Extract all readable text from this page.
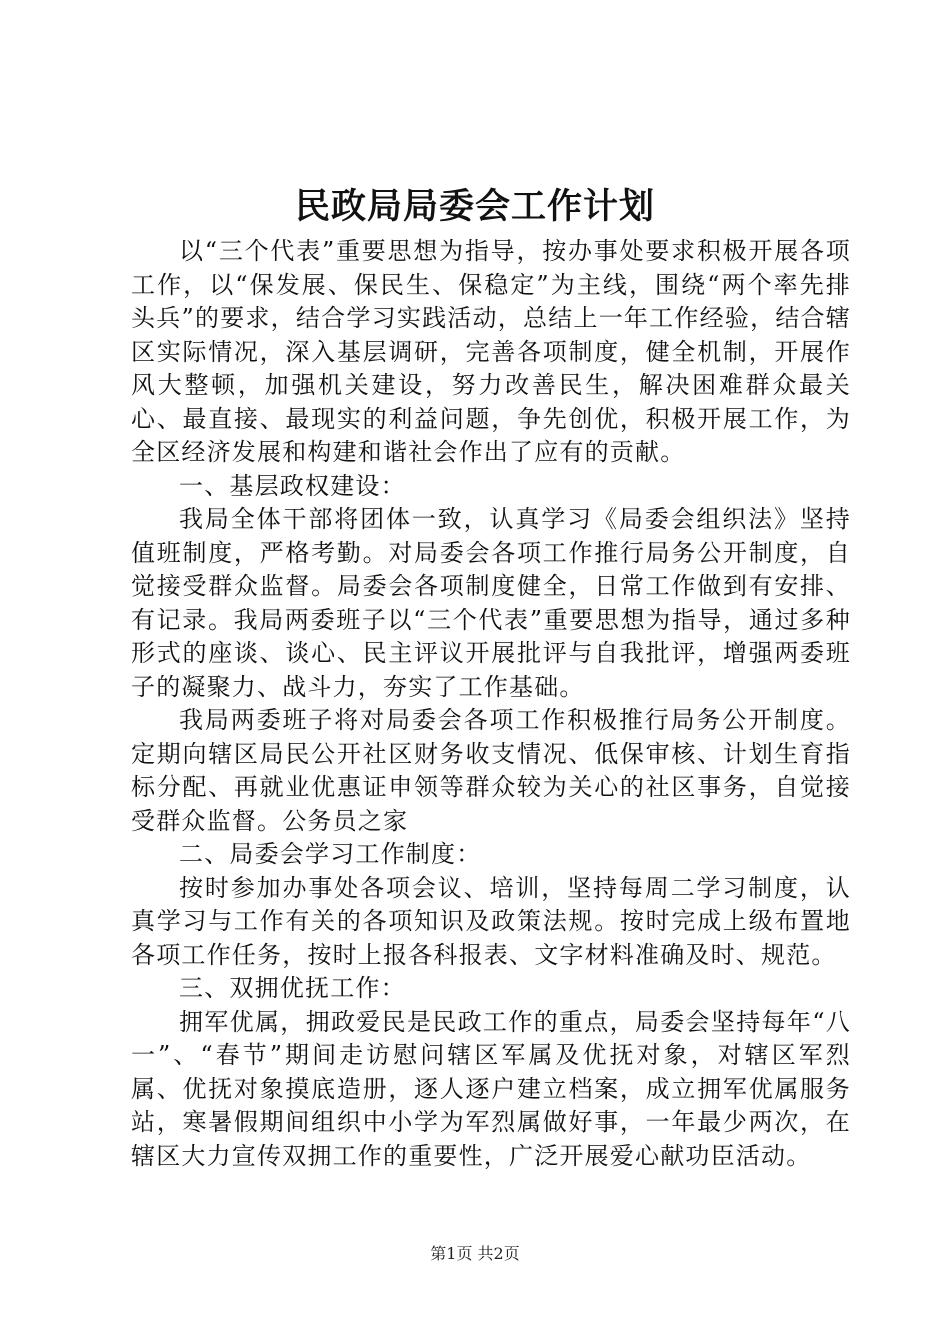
民政局局委会工作计划

以“三个代表”重要思想为指导，按办事处要求积极开展各项工作，以“保发展、保民生、保稳定”为主线，围绕“两个率先排头兵”的要求，结合学习实践活动，总结上一年工作经验，结合辖区实际情况，深入基层调研，完善各项制度，健全机制，开展作风大整顿，加强机关建设，努力改善民生，解决困难群众最关心、最直接、最现实的利益问题，争先创优，积极开展工作，为全区经济发展和构建和谐社会作出了应有的贡献。

一、基层政权建设：

我局全体干部将团体一致，认真学习《局委会组织法》坚持值班制度，严格考勤。对局委会各项工作推行局务公开制度，自觉接受群众监督。局委会各项制度健全，日常工作做到有安排、有记录。我局两委班子以“三个代表”重要思想为指导，通过多种形式的座谈、谈心、民主评议开展批评与自我批评，增强两委班子的凝聚力、战斗力，夯实了工作基础。

我局两委班子将对局委会各项工作积极推行局务公开制度。定期向辖区局民公开社区财务收支情况、低保审核、计划生育指标分配、再就业优惠证申领等群众较为关心的社区事务，自觉接受群众监督。公务员之家

二、局委会学习工作制度：

按时参加办事处各项会议、培训，坚持每周二学习制度，认真学习与工作有关的各项知识及政策法规。按时完成上级布置地各项工作任务，按时上报各科报表、文字材料准确及时、规范。

三、双拥优抚工作：

拥军优属，拥政爱民是民政工作的重点，局委会坚持每年“八一”、“春节”期间走访慰问辖区军属及优抚对象，对辖区军烈属、优抚对象摸底造册，逐人逐户建立档案，成立拥军优属服务站，寒暑假期间组织中小学为军烈属做好事，一年最少两次，在辖区大力宣传双拥工作的重要性，广泛开展爱心献功臣活动。

第1页 共2页
